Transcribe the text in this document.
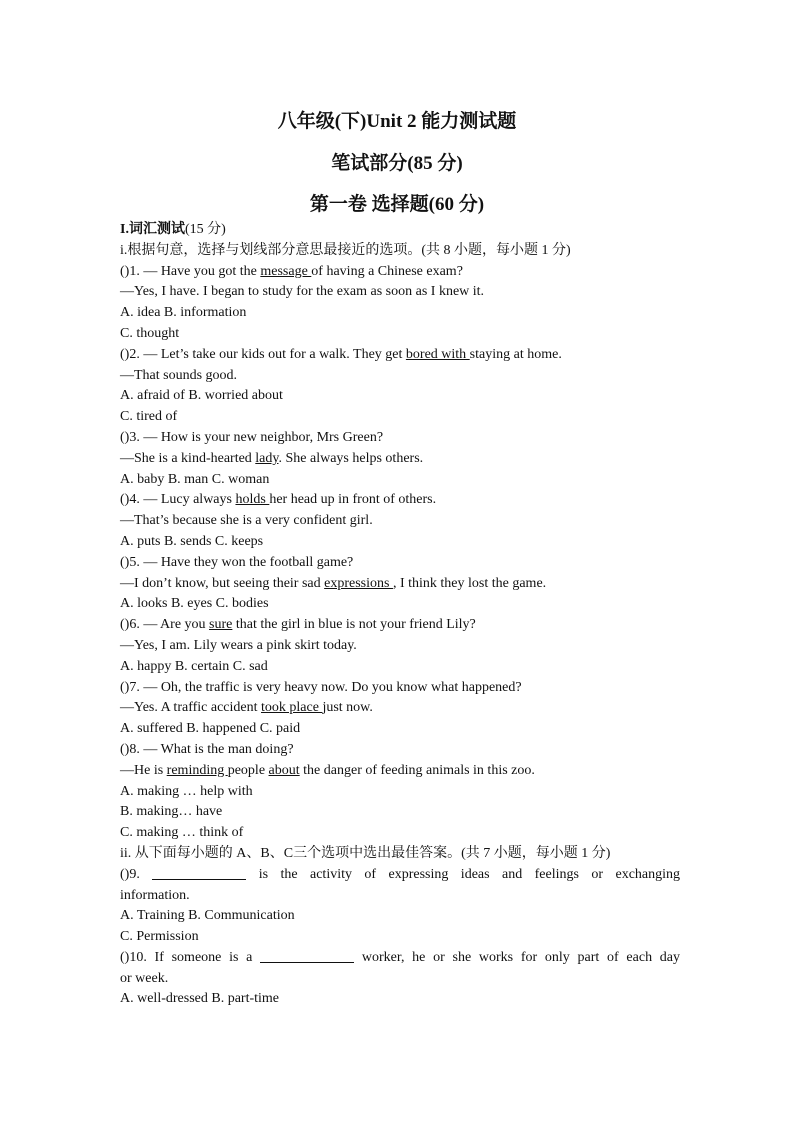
八年级(下)Unit 2 能力测试题
笔试部分(85 分)
第一卷 选择题(60 分)
I.词汇测试(15 分)
i.根据句意，选择与划线部分意思最接近的选项。(共 8 小题，每小题 1 分)
()1. — Have you got the message of having a Chinese exam?
—Yes, I have. I began to study for the exam as soon as I knew it.
A. idea B. information
C. thought
()2. — Let’s take our kids out for a walk. They get bored with staying at home.
—That sounds good.
A. afraid of B. worried about
C. tired of
()3. — How is your new neighbor, Mrs Green?
—She is a kind-hearted lady. She always helps others.
A. baby B. man C. woman
()4. — Lucy always holds her head up in front of others.
—That’s because she is a very confident girl.
A. puts B. sends C. keeps
()5. — Have they won the football game?
—I don’t know, but seeing their sad expressions , I think they lost the game.
A. looks B. eyes C. bodies
()6. — Are you sure that the girl in blue is not your friend Lily?
—Yes, I am. Lily wears a pink skirt today.
A. happy B. certain C. sad
()7. — Oh, the traffic is very heavy now. Do you know what happened?
—Yes. A traffic accident took place just now.
A. suffered B. happened C. paid
()8. — What is the man doing?
—He is reminding people about the danger of feeding animals in this zoo.
A. making … help with
B. making… have
C. making … think of
ii. 从下面每小题的 A、B、C三个选项中选出最佳答案。(共 7 小题，每小题 1 分)
()9.	is the activity of expressing ideas and feelings or exchanging
information.
A. Training B. Communication
C. Permission
()10. If someone is a	worker, he or she works for only part of each day
or week.
A. well-dressed B. part-time
